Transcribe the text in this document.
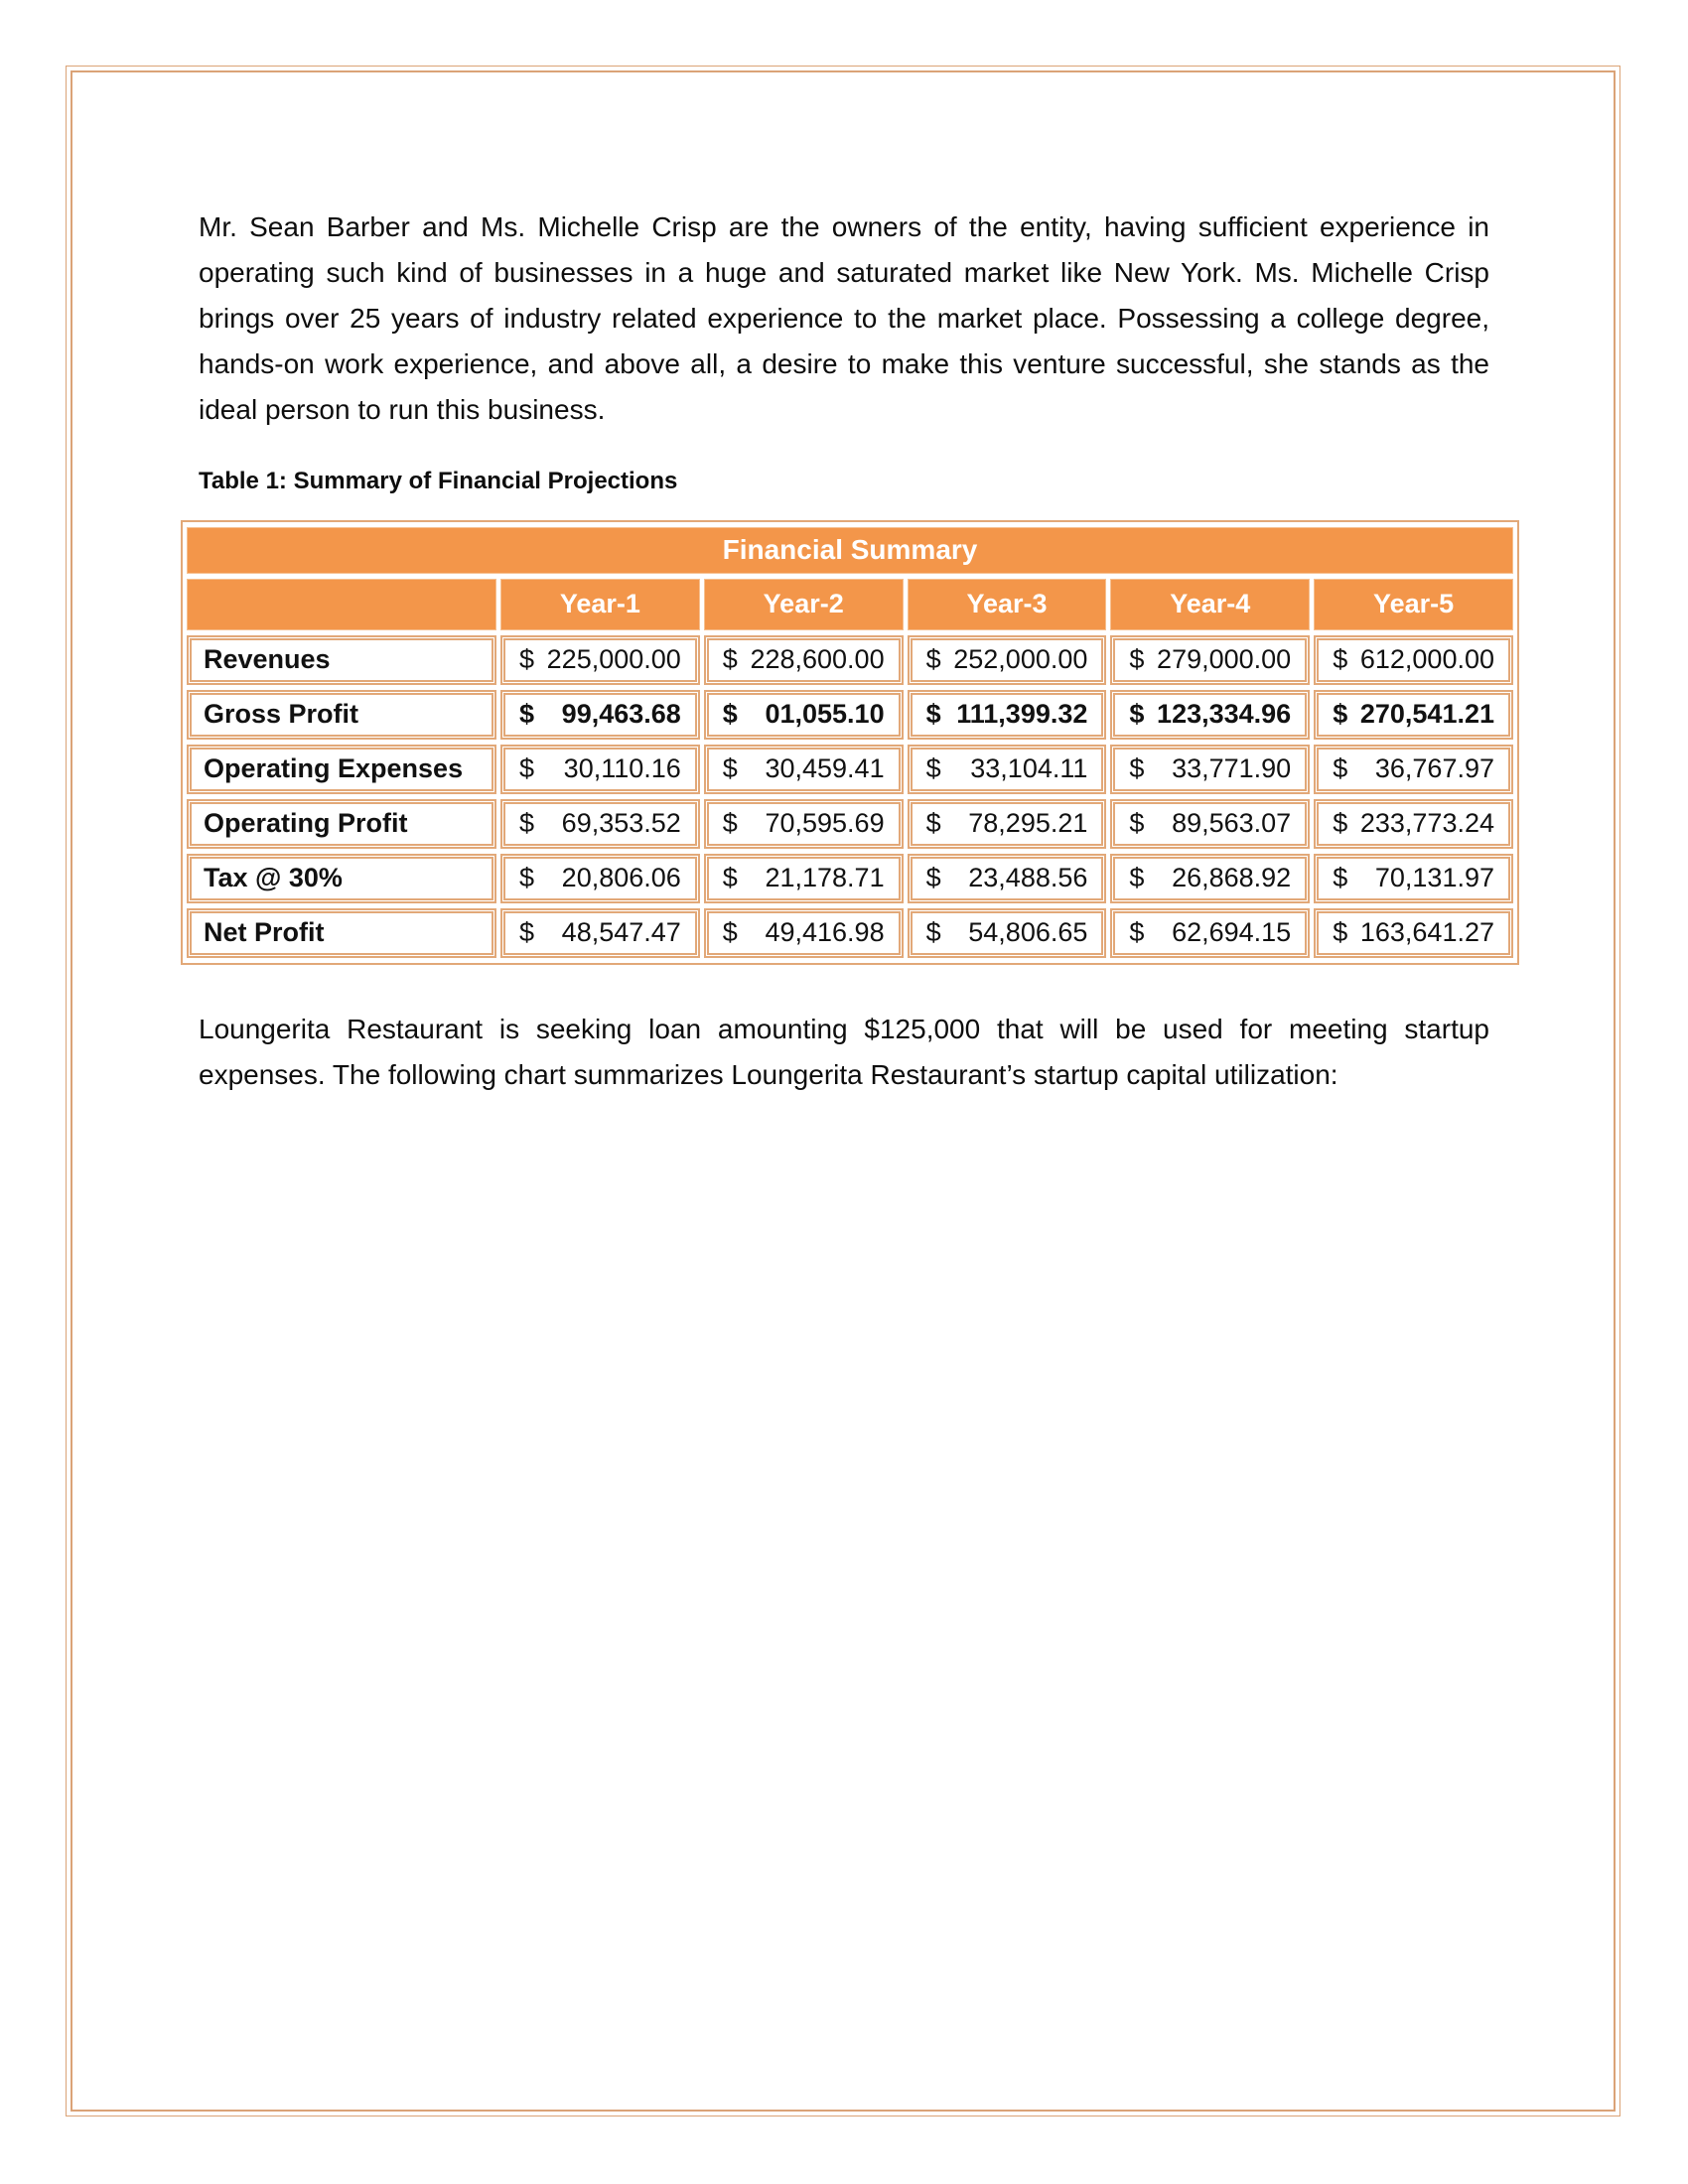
Mr. Sean Barber and Ms. Michelle Crisp are the owners of the entity, having sufficient experience in operating such kind of businesses in a huge and saturated market like New York. Ms. Michelle Crisp brings over 25 years of industry related experience to the market place. Possessing a college degree, hands-on work experience, and above all, a desire to make this venture successful, she stands as the ideal person to run this business.

Table 1: Summary of Financial Projections

Financial Summary					
	Year-1	Year-2	Year-3	Year-4	Year-5
Revenues	$ 225,000.00	$ 228,600.00	$ 252,000.00	$ 279,000.00	$ 612,000.00

Gross Profit	$ 99,463.68	$ 01,055.10	$ 111,399.32	$ 123,334.96	$ 270,541.21

Operating Expenses	$ 30,110.16	$ 30,459.41	$ 33,104.11	$ 33,771.90	$ 36,767.97

Operating Profit	$ 69,353.52	$ 70,595.69	$ 78,295.21	$ 89,563.07	$ 233,773.24

Tax @ 30%	$ 20,806.06	$ 21,178.71	$ 23,488.56	$ 26,868.92	$ 70,131.97

Net Profit	$ 48,547.47	$ 49,416.98	$ 54,806.65	$ 62,694.15	$ 163,641.27

Loungerita Restaurant is seeking loan amounting $125,000 that will be used for meeting startup expenses. The following chart summarizes Loungerita Restaurant’s startup capital utilization:
